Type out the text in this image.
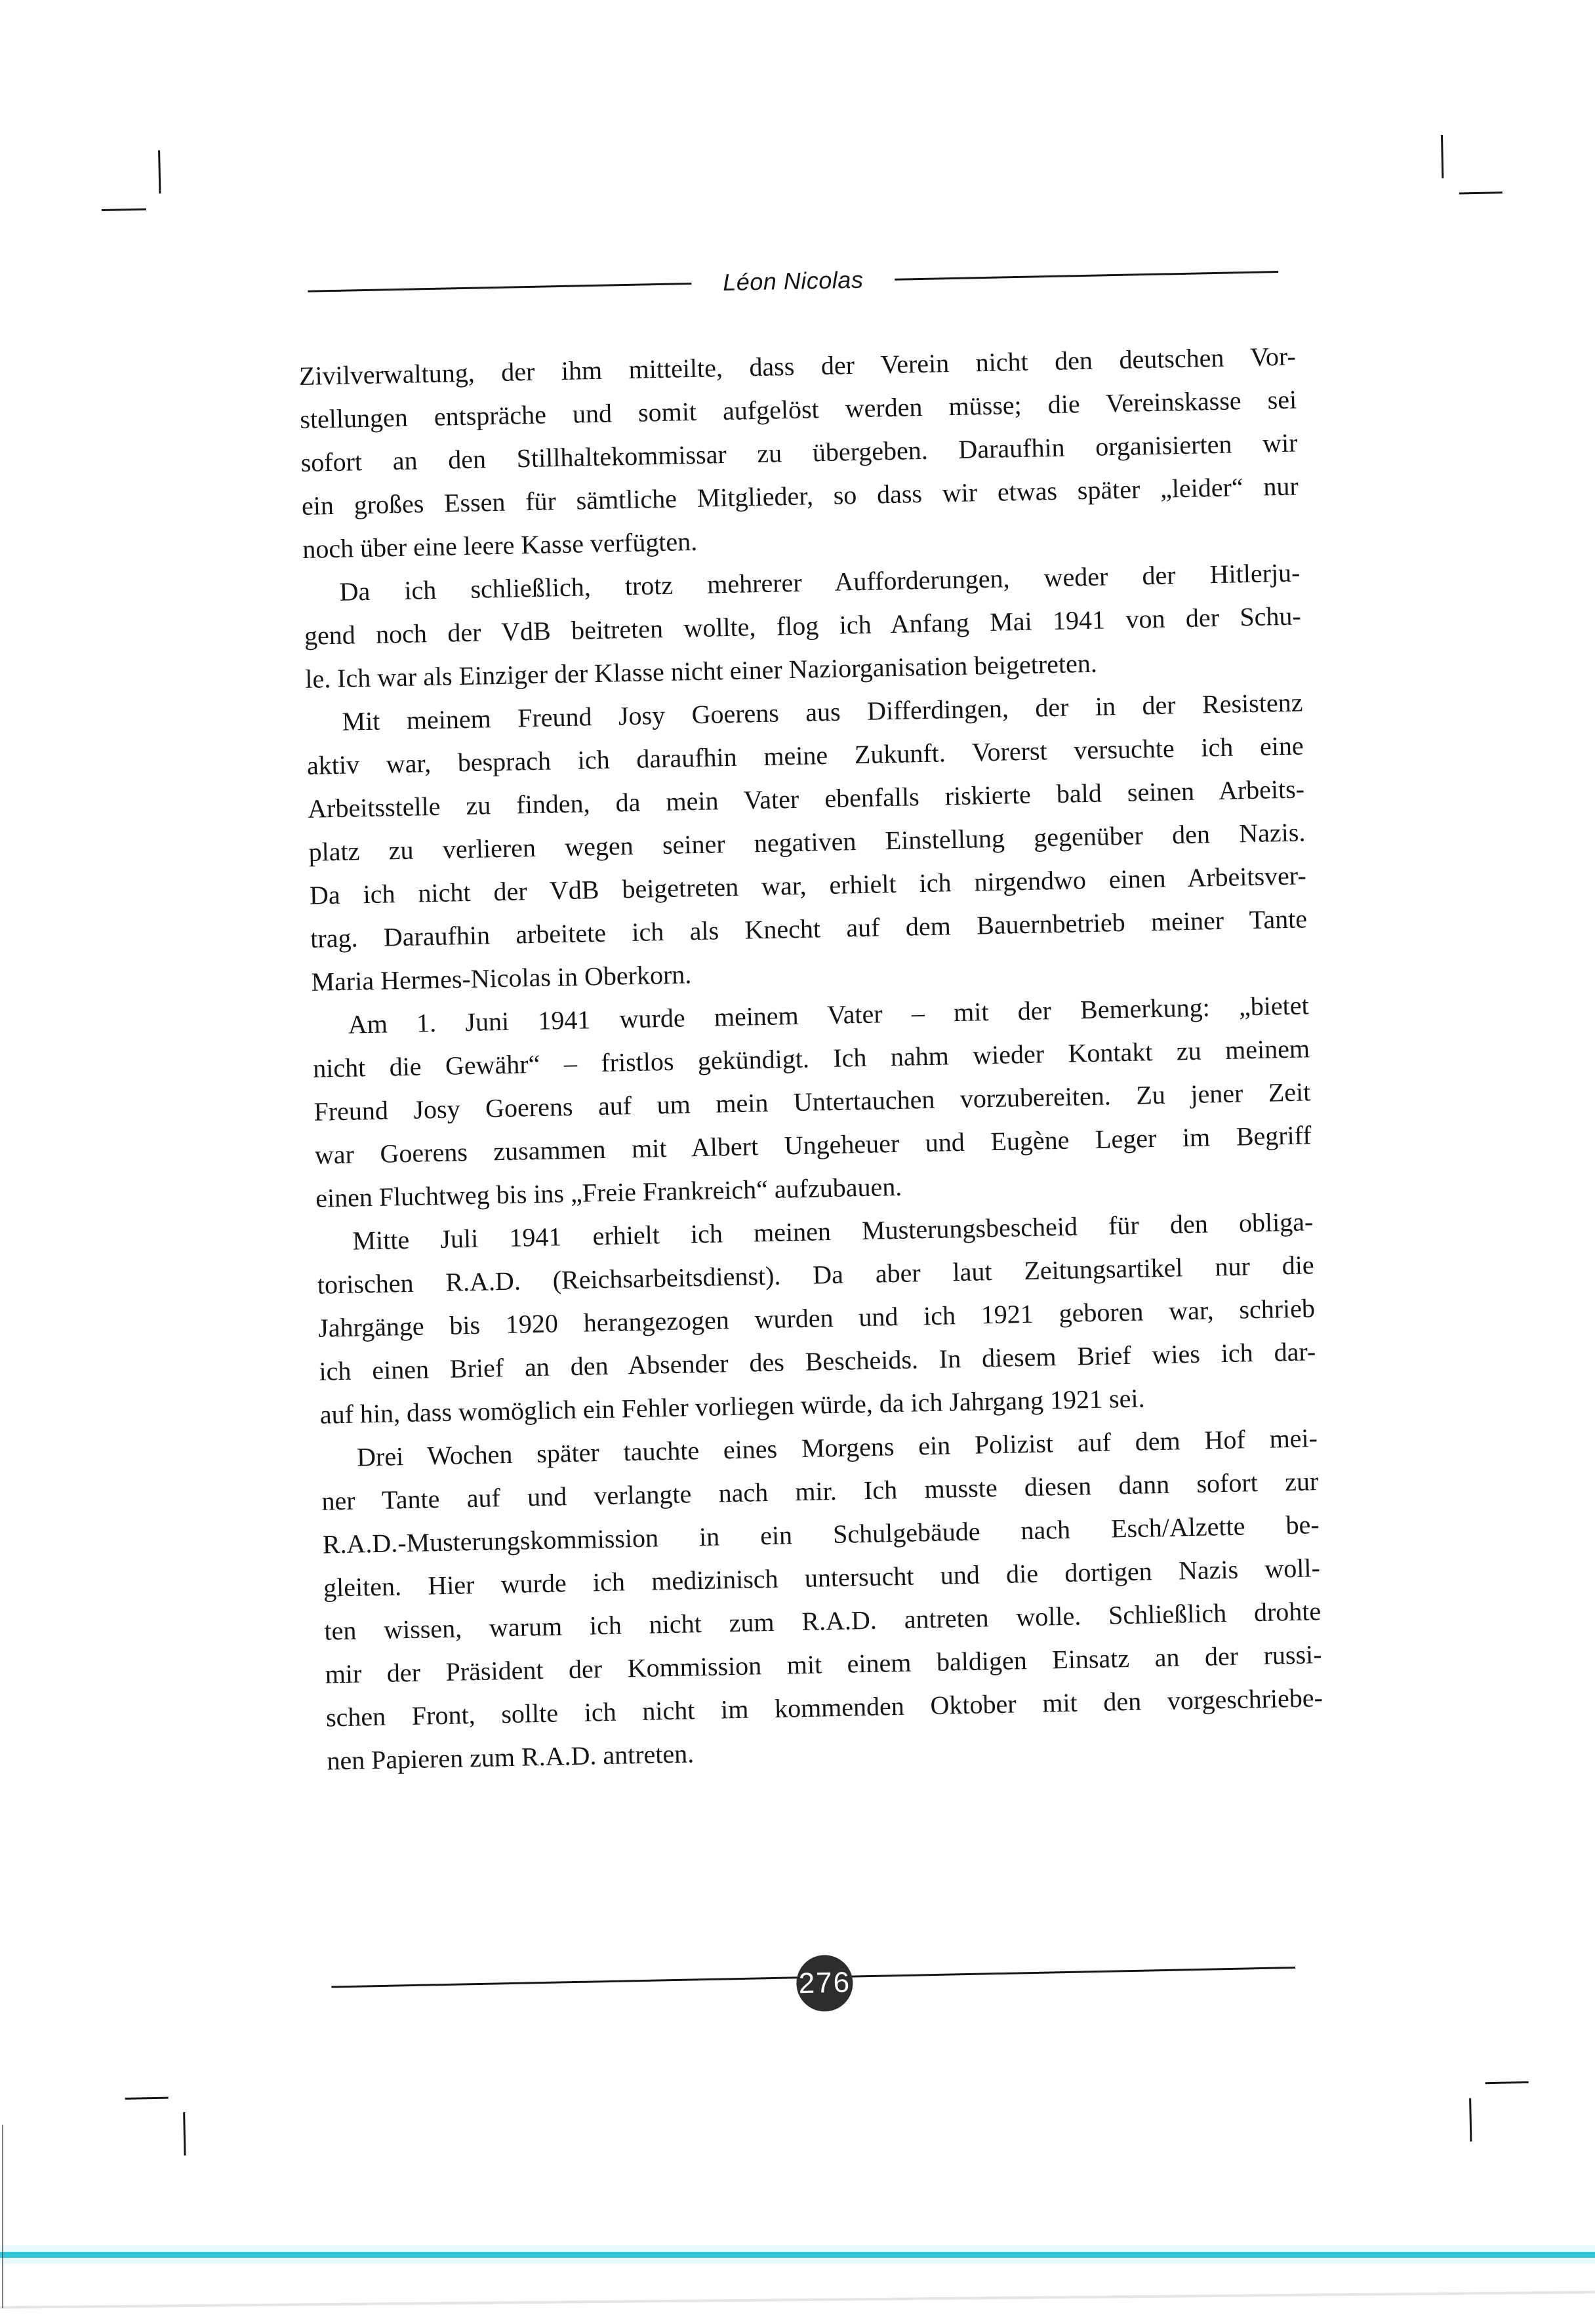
Léon Nicolas
Zivilverwaltung, der ihm mitteilte, dass der Verein nicht den deutschen Vor-
stellungen entspräche und somit aufgelöst werden müsse; die Vereinskasse sei
sofort an den Stillhaltekommissar zu übergeben. Daraufhin organisierten wir
ein großes Essen für sämtliche Mitglieder, so dass wir etwas später „leider“ nur
noch über eine leere Kasse verfügten.
Da ich schließlich, trotz mehrerer Aufforderungen, weder der Hitlerju-
gend noch der VdB beitreten wollte, flog ich Anfang Mai 1941 von der Schu-
le. Ich war als Einziger der Klasse nicht einer Naziorganisation beigetreten.
Mit meinem Freund Josy Goerens aus Differdingen, der in der Resistenz
aktiv war, besprach ich daraufhin meine Zukunft. Vorerst versuchte ich eine
Arbeitsstelle zu finden, da mein Vater ebenfalls riskierte bald seinen Arbeits-
platz zu verlieren wegen seiner negativen Einstellung gegenüber den Nazis.
Da ich nicht der VdB beigetreten war, erhielt ich nirgendwo einen Arbeitsver-
trag. Daraufhin arbeitete ich als Knecht auf dem Bauernbetrieb meiner Tante
Maria Hermes-Nicolas in Oberkorn.
Am 1. Juni 1941 wurde meinem Vater – mit der Bemerkung: „bietet
nicht die Gewähr“ – fristlos gekündigt. Ich nahm wieder Kontakt zu meinem
Freund Josy Goerens auf um mein Untertauchen vorzubereiten. Zu jener Zeit
war Goerens zusammen mit Albert Ungeheuer und Eugène Leger im Begriff
einen Fluchtweg bis ins „Freie Frankreich“ aufzubauen.
Mitte Juli 1941 erhielt ich meinen Musterungsbescheid für den obliga-
torischen R.A.D. (Reichsarbeitsdienst). Da aber laut Zeitungsartikel nur die
Jahrgänge bis 1920 herangezogen wurden und ich 1921 geboren war, schrieb
ich einen Brief an den Absender des Bescheids. In diesem Brief wies ich dar-
auf hin, dass womöglich ein Fehler vorliegen würde, da ich Jahrgang 1921 sei.
Drei Wochen später tauchte eines Morgens ein Polizist auf dem Hof mei-
ner Tante auf und verlangte nach mir. Ich musste diesen dann sofort zur
R.A.D.-Musterungskommission in ein Schulgebäude nach Esch/Alzette be-
gleiten. Hier wurde ich medizinisch untersucht und die dortigen Nazis woll-
ten wissen, warum ich nicht zum R.A.D. antreten wolle. Schließlich drohte
mir der Präsident der Kommission mit einem baldigen Einsatz an der russi-
schen Front, sollte ich nicht im kommenden Oktober mit den vorgeschriebe-
nen Papieren zum R.A.D. antreten.
276
